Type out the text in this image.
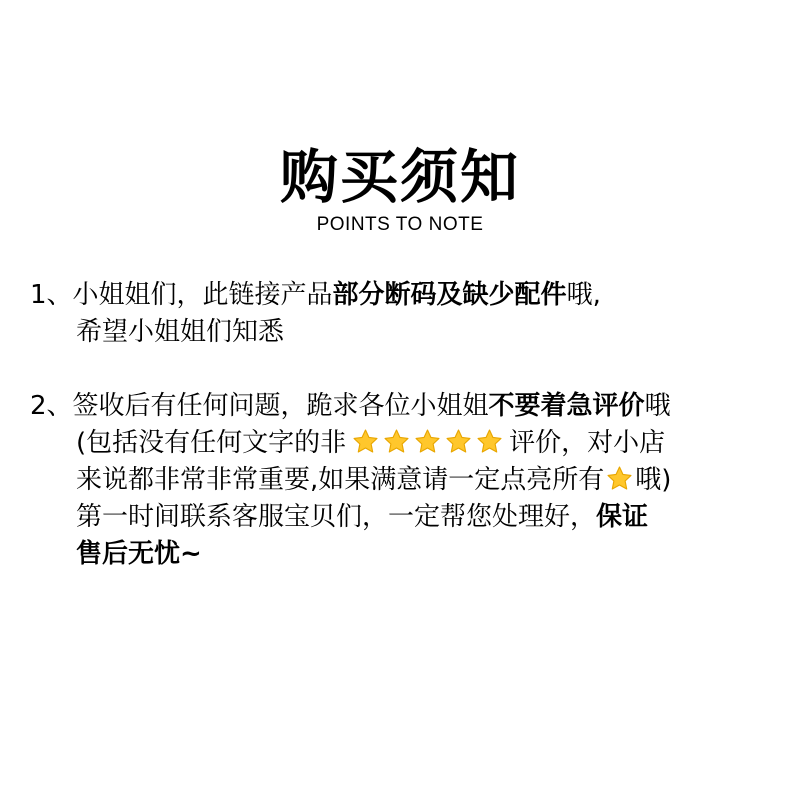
购买须知
POINTS TO NOTE
1、小姐姐们，此链接产品部分断码及缺少配件哦,
希望小姐姐们知悉
2、签收后有任何问题，跪求各位小姐姐不要着急评价哦
(包括没有任何文字的非	评价，对小店
来说都非常非常重要,如果满意请一定点亮所有 哦)
第一时间联系客服宝贝们，一定帮您处理好，保证
售后无忧~
